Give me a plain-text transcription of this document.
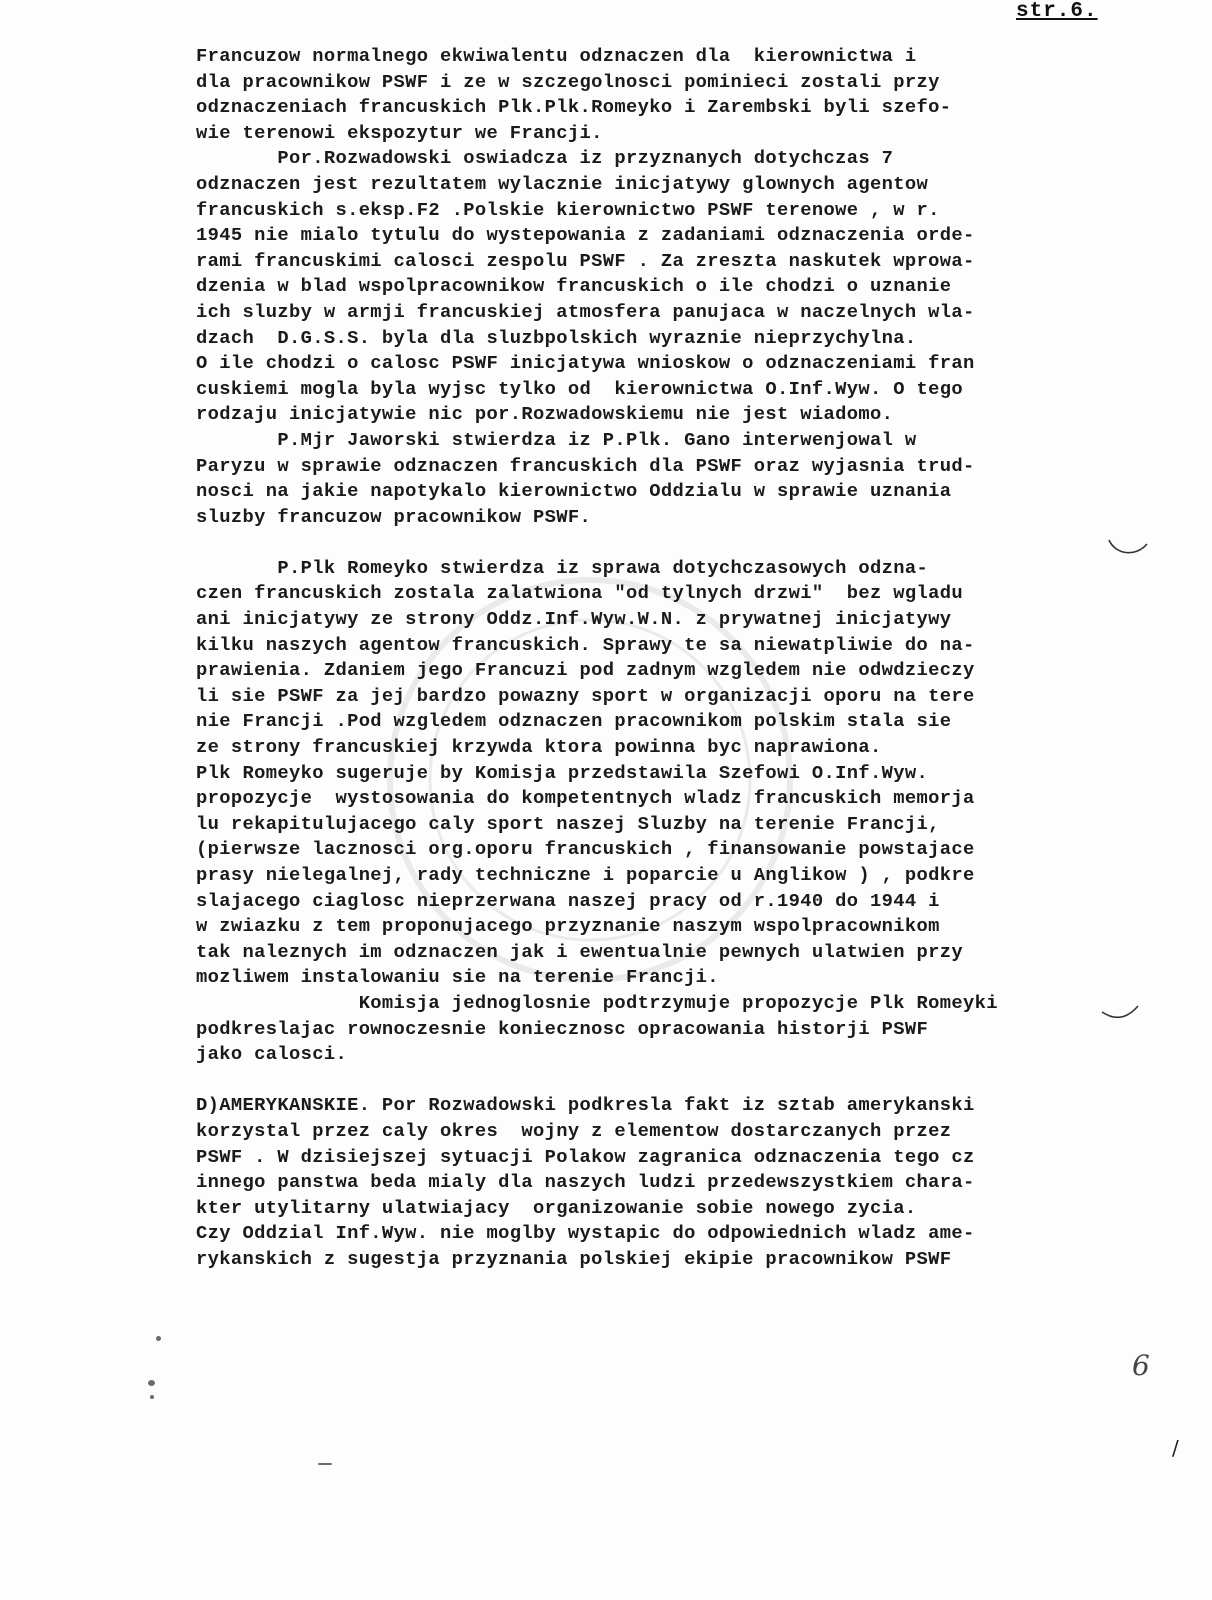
str.6.
Francuzow normalnego ekwiwalentu odznaczen dla  kierownictwa i
dla pracownikow PSWF i ze w szczegolnosci pominieci zostali przy
odznaczeniach francuskich Plk.Plk.Romeyko i Zarembski byli szefo-
wie terenowi ekspozytur we Francji.
Por.Rozwadowski oswiadcza iz przyznanych dotychczas 7
odznaczen jest rezultatem wylacznie inicjatywy glownych agentow
francuskich s.eksp.F2 .Polskie kierownictwo PSWF terenowe , w r.
1945 nie mialo tytulu do wystepowania z zadaniami odznaczenia orde-
rami francuskimi calosci zespolu PSWF . Za zreszta naskutek wprowa-
dzenia w blad wspolpracownikow francuskich o ile chodzi o uznanie
ich sluzby w armji francuskiej atmosfera panujaca w naczelnych wla-
dzach  D.G.S.S. byla dla sluzbpolskich wyraznie nieprzychylna.
O ile chodzi o calosc PSWF inicjatywa wnioskow o odznaczeniami fran
cuskiemi mogla byla wyjsc tylko od  kierownictwa O.Inf.Wyw. O tego
rodzaju inicjatywie nic por.Rozwadowskiemu nie jest wiadomo.
P.Mjr Jaworski stwierdza iz P.Plk. Gano interwenjowal w
Paryzu w sprawie odznaczen francuskich dla PSWF oraz wyjasnia trud-
nosci na jakie napotykalo kierownictwo Oddzialu w sprawie uznania
sluzby francuzow pracownikow PSWF.
P.Plk Romeyko stwierdza iz sprawa dotychczasowych odzna-
czen francuskich zostala zalatwiona "od tylnych drzwi"  bez wgladu
ani inicjatywy ze strony Oddz.Inf.Wyw.W.N. z prywatnej inicjatywy
kilku naszych agentow francuskich. Sprawy te sa niewatpliwie do na-
prawienia. Zdaniem jego Francuzi pod zadnym wzgledem nie odwdzieczy
li sie PSWF za jej bardzo powazny sport w organizacji oporu na tere
nie Francji .Pod wzgledem odznaczen pracownikom polskim stala sie
ze strony francuskiej krzywda ktora powinna byc naprawiona.
Plk Romeyko sugeruje by Komisja przedstawila Szefowi O.Inf.Wyw.
propozycje  wystosowania do kompetentnych wladz francuskich memorja
lu rekapitulujacego caly sport naszej Sluzby na terenie Francji,
(pierwsze lacznosci org.oporu francuskich , finansowanie powstajace
prasy nielegalnej, rady techniczne i poparcie u Anglikow ) , podkre
slajacego ciaglosc nieprzerwana naszej pracy od r.1940 do 1944 i
w zwiazku z tem proponujacego przyznanie naszym wspolpracownikom
tak naleznych im odznaczen jak i ewentualnie pewnych ulatwien przy
mozliwem instalowaniu sie na terenie Francji.
Komisja jednoglosnie podtrzymuje propozycje Plk Romeyki
podkreslajac rownoczesnie koniecznosc opracowania historji PSWF
jako calosci.
D)AMERYKANSKIE. Por Rozwadowski podkresla fakt iz sztab amerykanski
korzystal przez caly okres  wojny z elementow dostarczanych przez
PSWF . W dzisiejszej sytuacji Polakow zagranica odznaczenia tego cz
innego panstwa beda mialy dla naszych ludzi przedewszystkiem chara-
kter utylitarny ulatwiajacy  organizowanie sobie nowego zycia.
Czy Oddzial Inf.Wyw. nie moglby wystapic do odpowiednich wladz ame-
rykanskich z sugestja przyznania polskiej ekipie pracownikow PSWF
6
/
